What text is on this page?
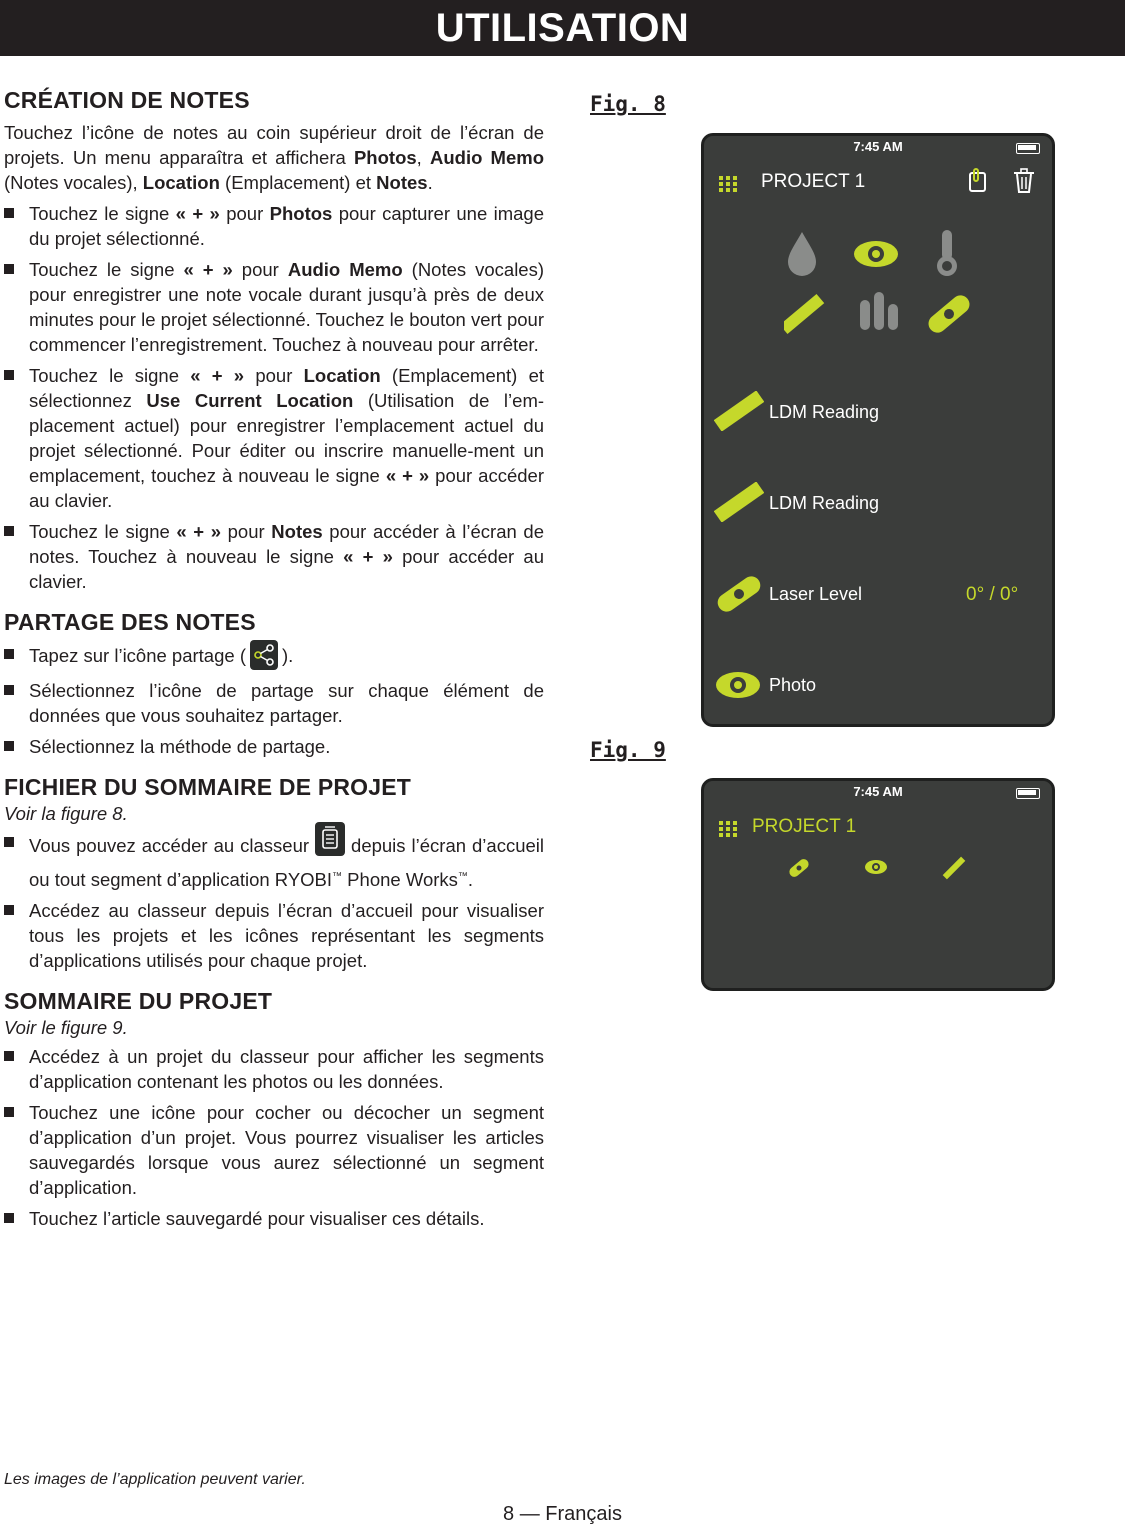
UTILISATION
CRÉATION DE NOTES

Touchez l’icône de notes au coin supérieur droit de l’écran de projets. Un menu apparaîtra et affichera Photos, Audio Memo (Notes vocales), Location (Emplacement) et Notes.

Touchez le signe « + » pour Photos pour capturer une image du projet sélectionné.
Touchez le signe « + » pour Audio Memo (Notes vocales) pour enregistrer une note vocale durant jusqu’à près de deux minutes pour le projet sélectionné. Touchez le bouton vert pour commencer l’enregistrement. Touchez à nouveau pour arrêter.
Touchez le signe « + » pour Location (Emplacement) et sélectionnez Use Current Location (Utilisation de l’em-placement actuel) pour enregistrer l’emplacement actuel du projet sélectionné. Pour éditer ou inscrire manuelle-ment un emplacement, touchez à nouveau le signe « + » pour accéder au clavier.
Touchez le signe « + » pour Notes pour accéder à l’écran de notes. Touchez à nouveau le signe « + » pour accéder au clavier.
PARTAGE DES NOTES
Tapez sur l’icône partage ( ).
Sélectionnez l’icône de partage sur chaque élément de données que vous souhaitez partager.
Sélectionnez la méthode de partage.
FICHIER DU SOMMAIRE DE PROJET
Voir la figure 8.
Vous pouvez accéder au classeur depuis l’écran d’accueil ou tout segment d’application RYOBI™ Phone Works™.
Accédez au classeur depuis l’écran d’accueil pour visualiser tous les projets et les icônes représentant les segments d’applications utilisés pour chaque projet.
SOMMAIRE DU PROJET
Voir le figure 9.
Accédez à un projet du classeur pour afficher les segments d’application contenant les photos ou les données.
Touchez une icône pour cocher ou décocher un segment d’application d’un projet. Vous pourrez visualiser les articles sauvegardés lorsque vous aurez sélectionné un segment d’application.
Touchez l’article sauvegardé pour visualiser ces détails.
Fig. 8
7:45 AM
PROJECT 1
LDM Reading
LDM Reading
Laser Level	0° / 0°
Photo
Fig. 9
7:45 AM
PROJECT 1
Les images de l’application peuvent varier.
8 — Français
